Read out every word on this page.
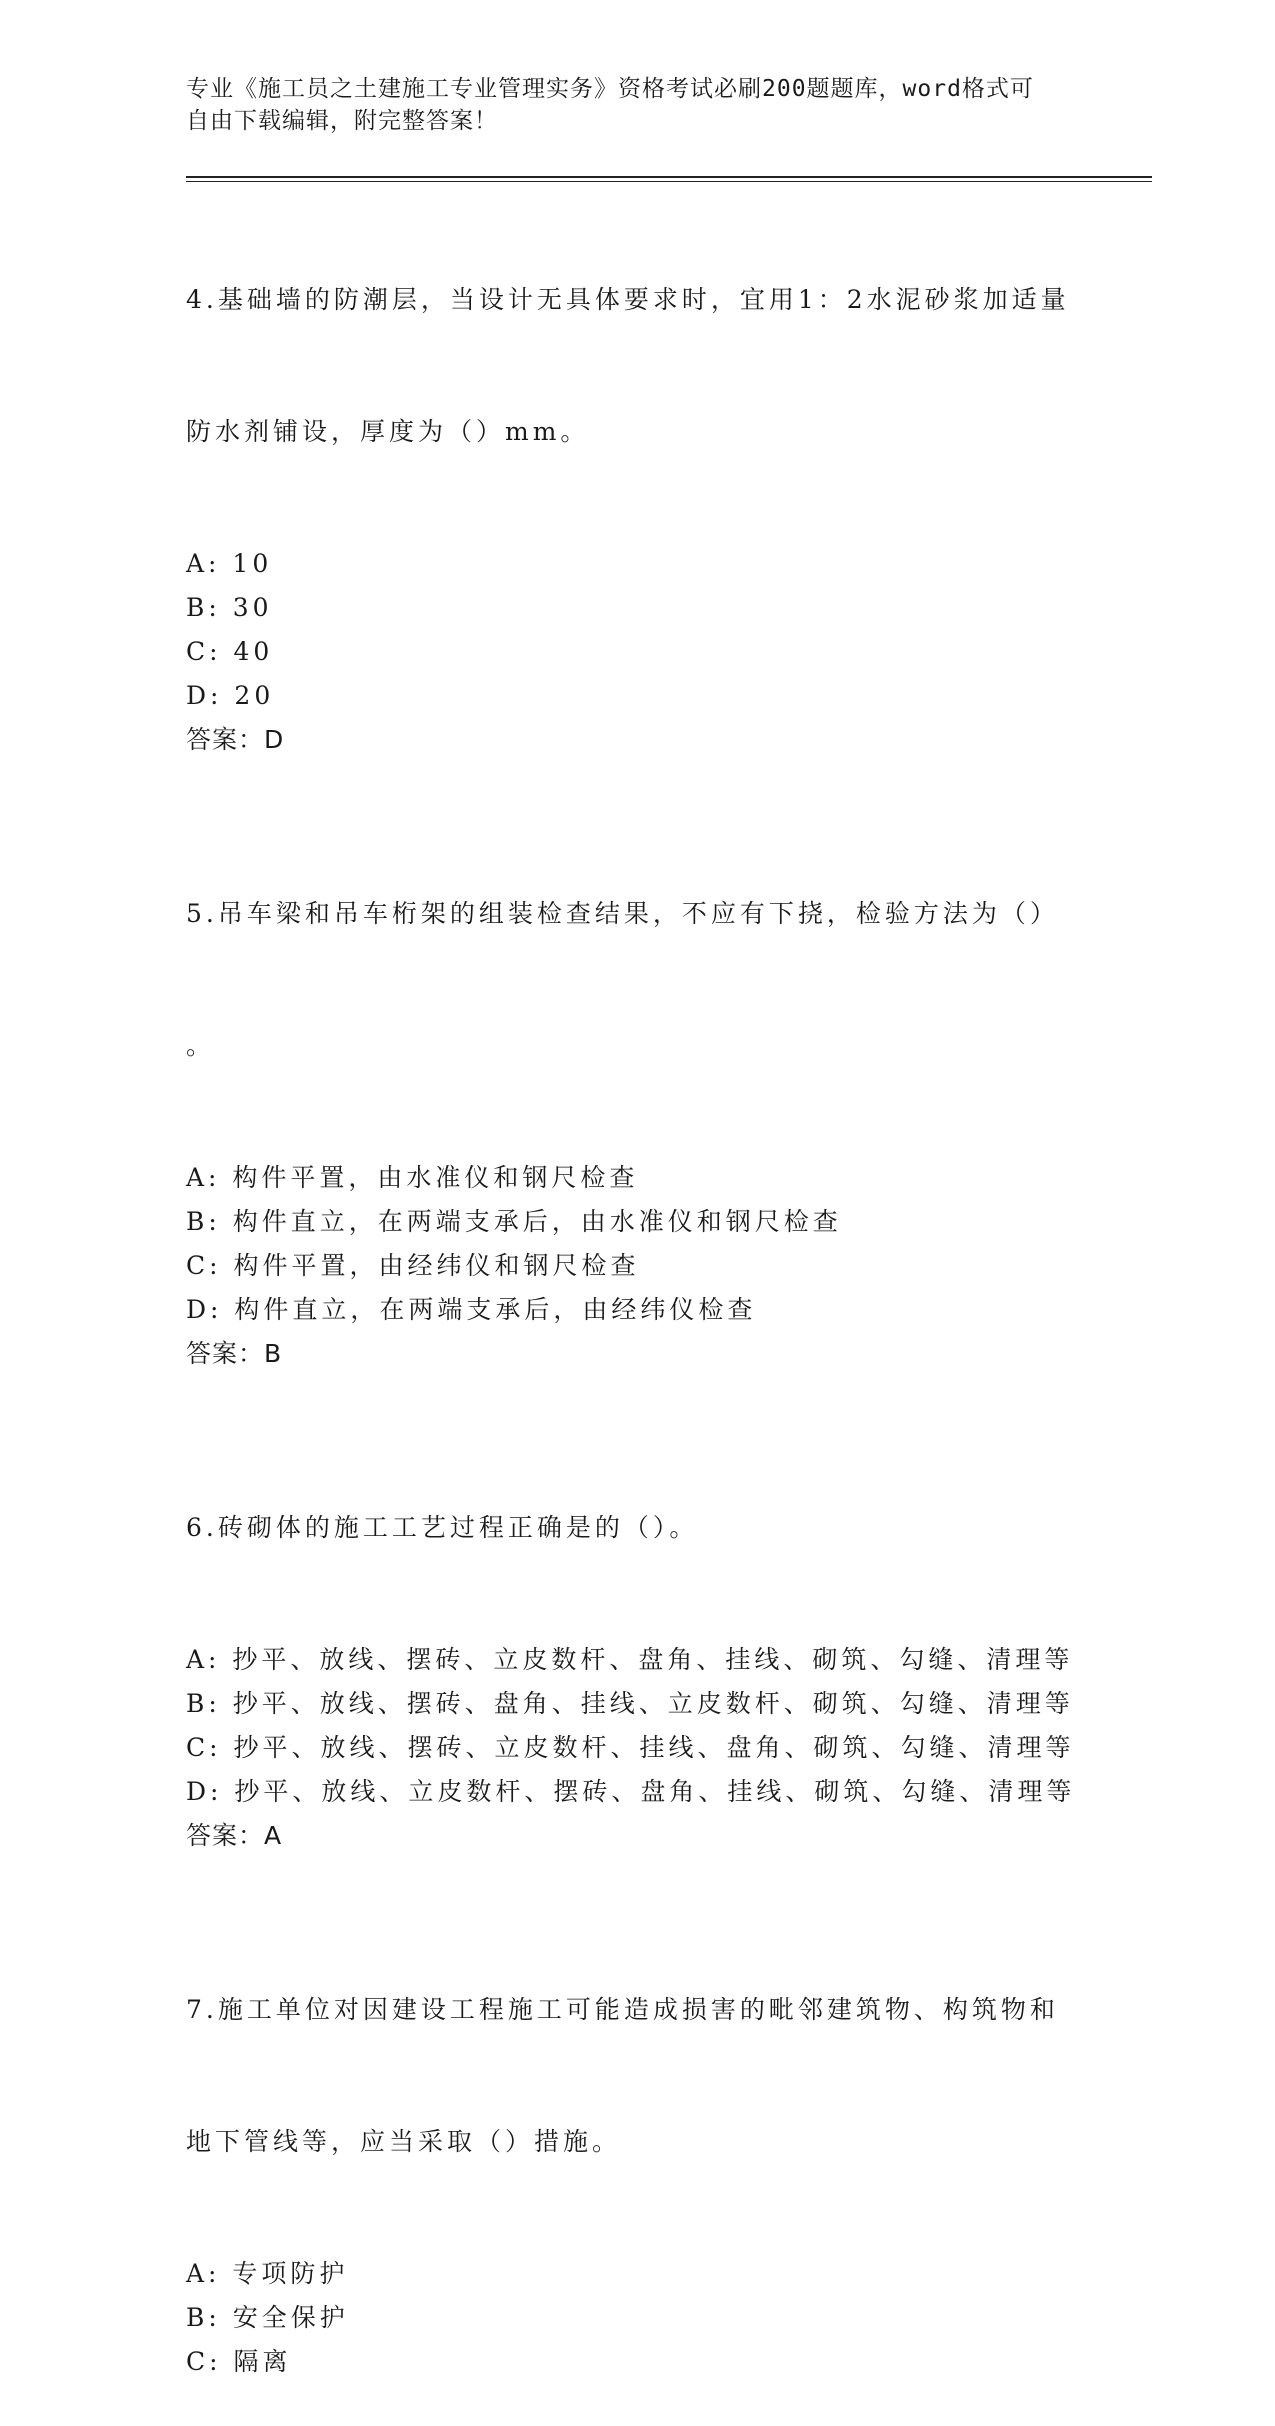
专业《施工员之土建施工专业管理实务》资格考试必刷200题题库，word格式可
自由下载编辑，附完整答案！

4.基础墙的防潮层，当设计无具体要求时，宜用1：2水泥砂浆加适量

防水剂铺设，厚度为（）mm。

A: 10
B: 30
C: 40
D: 20
答案：D

5.吊车梁和吊车桁架的组装检查结果，不应有下挠，检验方法为（）

。

A: 构件平置，由水准仪和钢尺检查
B: 构件直立，在两端支承后，由水准仪和钢尺检查
C: 构件平置，由经纬仪和钢尺检查
D: 构件直立，在两端支承后，由经纬仪检查
答案：B

6.砖砌体的施工工艺过程正确是的（）。

A: 抄平、放线、摆砖、立皮数杆、盘角、挂线、砌筑、勾缝、清理等
B: 抄平、放线、摆砖、盘角、挂线、立皮数杆、砌筑、勾缝、清理等
C: 抄平、放线、摆砖、立皮数杆、挂线、盘角、砌筑、勾缝、清理等
D: 抄平、放线、立皮数杆、摆砖、盘角、挂线、砌筑、勾缝、清理等
答案：A

7.施工单位对因建设工程施工可能造成损害的毗邻建筑物、构筑物和

地下管线等，应当采取（）措施。

A: 专项防护
B: 安全保护
C: 隔离
